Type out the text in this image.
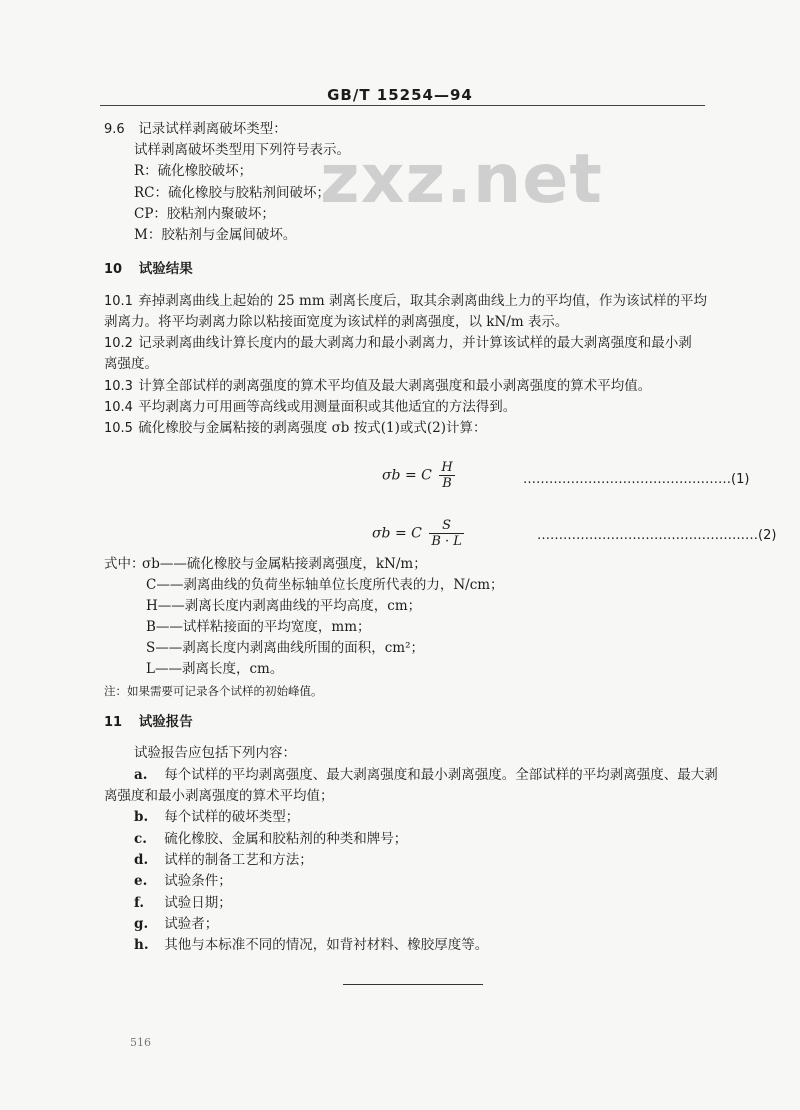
GB/T 15254—94
zxz.net
9.6 记录试样剥离破坏类型：
试样剥离破坏类型用下列符号表示。
R：硫化橡胶破坏；
RC：硫化橡胶与胶粘剂间破坏；
CP：胶粘剂内聚破坏；
M：胶粘剂与金属间破坏。
10 试验结果
10.1 弃掉剥离曲线上起始的 25 mm 剥离长度后，取其余剥离曲线上力的平均值，作为该试样的平均
剥离力。将平均剥离力除以粘接面宽度为该试样的剥离强度，以 kN/m 表示。
10.2 记录剥离曲线计算长度内的最大剥离力和最小剥离力，并计算该试样的最大剥离强度和最小剥
离强度。
10.3 计算全部试样的剥离强度的算术平均值及最大剥离强度和最小剥离强度的算术平均值。
10.4 平均剥离力可用画等高线或用测量面积或其他适宜的方法得到。
10.5 硫化橡胶与金属粘接的剥离强度 σb 按式(1)或式(2)计算：
σb = C $\frac{H}{B}$	…………………………………………(1)
σb = C $\frac{S}{B \cdot L}$	……………………………………………(2)
式中：
σb——硫化橡胶与金属粘接剥离强度，kN/m；
C——剥离曲线的负荷坐标轴单位长度所代表的力，N/cm；
H——剥离长度内剥离曲线的平均高度，cm；
B——试样粘接面的平均宽度，mm；
S——剥离长度内剥离曲线所围的面积，cm²；
L——剥离长度，cm。
注：如果需要可记录各个试样的初始峰值。
11 试验报告
试验报告应包括下列内容：
a. 每个试样的平均剥离强度、最大剥离强度和最小剥离强度。全部试样的平均剥离强度、最大剥
离强度和最小剥离强度的算术平均值；
b. 每个试样的破坏类型；
c. 硫化橡胶、金属和胶粘剂的种类和牌号；
d. 试样的制备工艺和方法；
e. 试验条件；
f. 试验日期；
g. 试验者；
h. 其他与本标准不同的情况，如背衬材料、橡胶厚度等。
516
